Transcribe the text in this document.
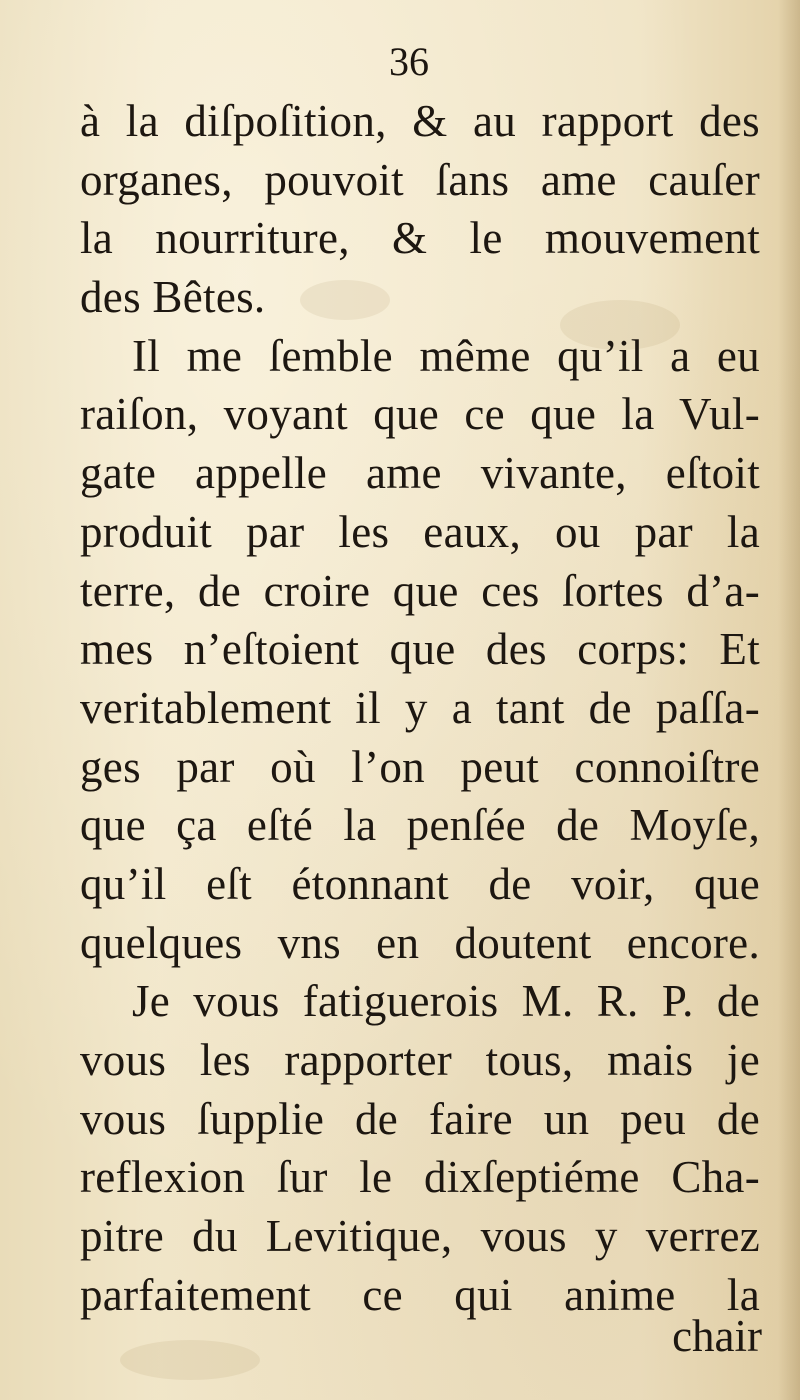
36

à la diſpoſition, & au rapport des
organes, pouvoit ſans ame cauſer
la nourriture, & le mouvement
des Bêtes.
Il me ſemble même qu’il a eu
raiſon, voyant que ce que la Vul-
gate appelle ame vivante, eſtoit
produit par les eaux, ou par la
terre, de croire que ces ſortes d’a-
mes n’eſtoient que des corps: Et
veritablement il y a tant de paſſa-
ges par où l’on peut connoiſtre
que ça eſté la penſée de Moyſe,
qu’il eſt étonnant de voir, que
quelques vns en doutent encore.
Je vous fatiguerois M. R. P. de
vous les rapporter tous, mais je
vous ſupplie de faire un peu de
reflexion ſur le dixſeptiéme Cha-
pitre du Levitique, vous y verrez
parfaitement ce qui anime la

chair
